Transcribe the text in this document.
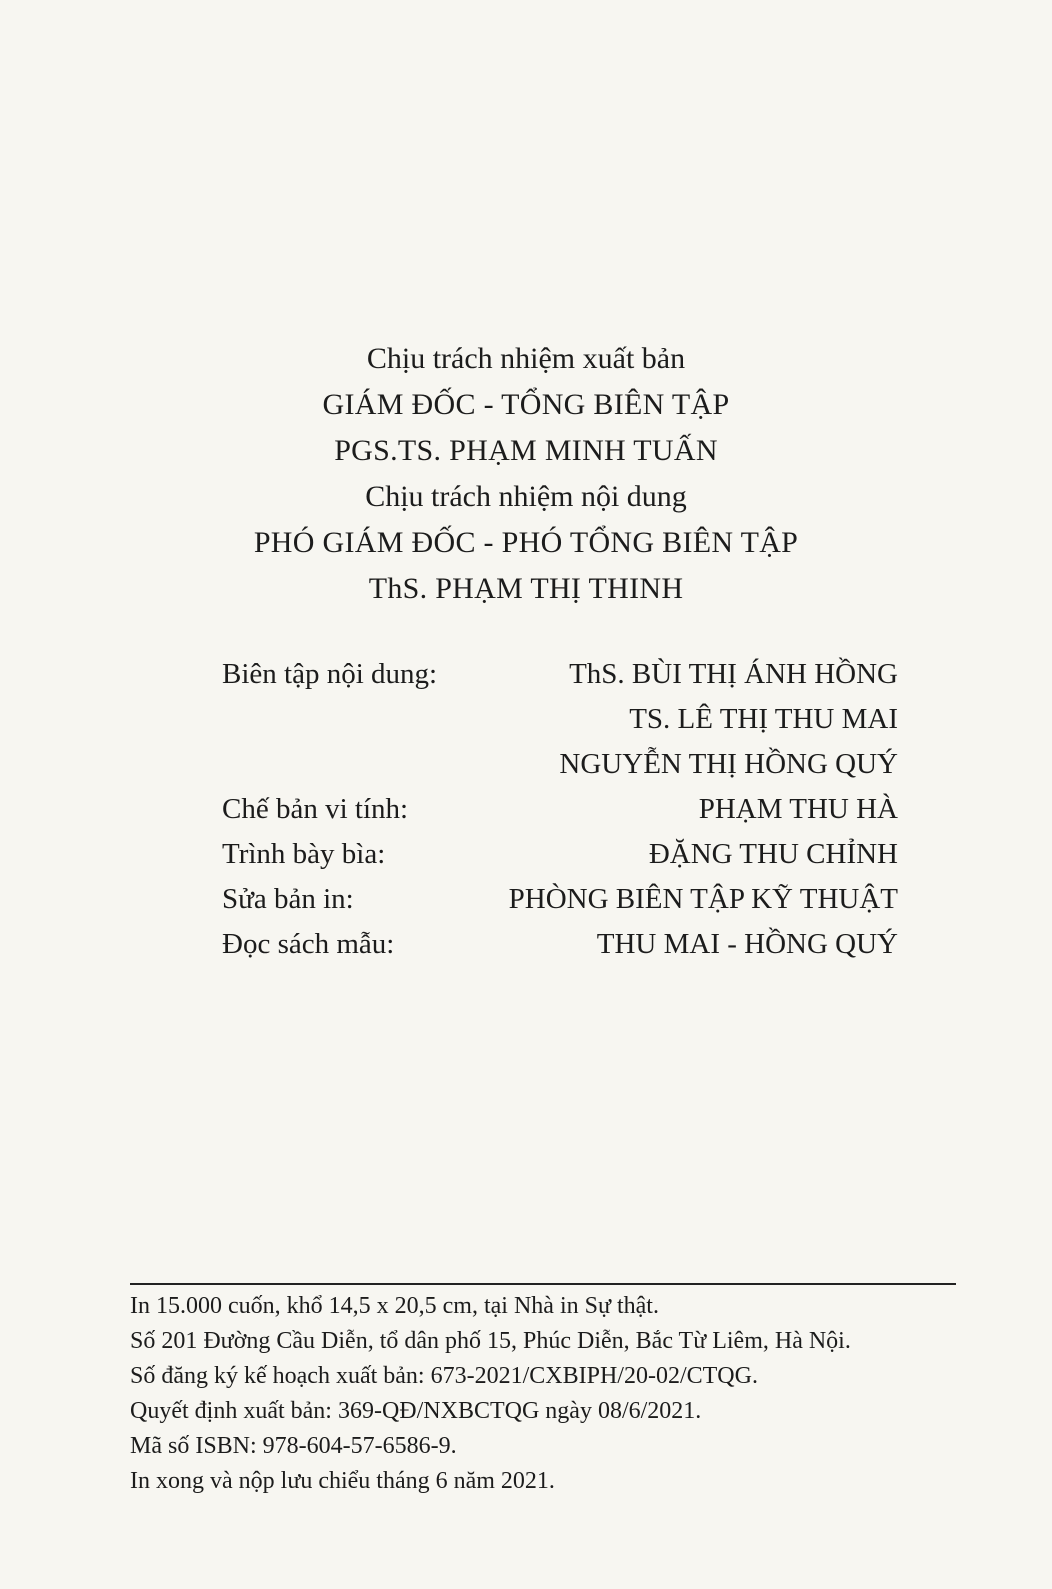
Chịu trách nhiệm xuất bản
GIÁM ĐỐC - TỔNG BIÊN TẬP
PGS.TS. PHẠM MINH TUẤN
Chịu trách nhiệm nội dung
PHÓ GIÁM ĐỐC - PHÓ TỔNG BIÊN TẬP
ThS. PHẠM THỊ THINH
Biên tập nội dung:	ThS. BÙI THỊ ÁNH HỒNG
TS. LÊ THỊ THU MAI
NGUYỄN THỊ HỒNG QUÝ
Chế bản vi tính:	PHẠM THU HÀ
Trình bày bìa:	ĐẶNG THU CHỈNH
Sửa bản in:	PHÒNG BIÊN TẬP KỸ THUẬT
Đọc sách mẫu:	THU MAI - HỒNG QUÝ
In 15.000 cuốn, khổ 14,5 x 20,5 cm, tại Nhà in Sự thật.
Số 201 Đường Cầu Diễn, tổ dân phố 15, Phúc Diễn, Bắc Từ Liêm, Hà Nội.
Số đăng ký kế hoạch xuất bản: 673-2021/CXBIPH/20-02/CTQG.
Quyết định xuất bản: 369-QĐ/NXBCTQG ngày 08/6/2021.
Mã số ISBN: 978-604-57-6586-9.
In xong và nộp lưu chiểu tháng 6 năm 2021.
